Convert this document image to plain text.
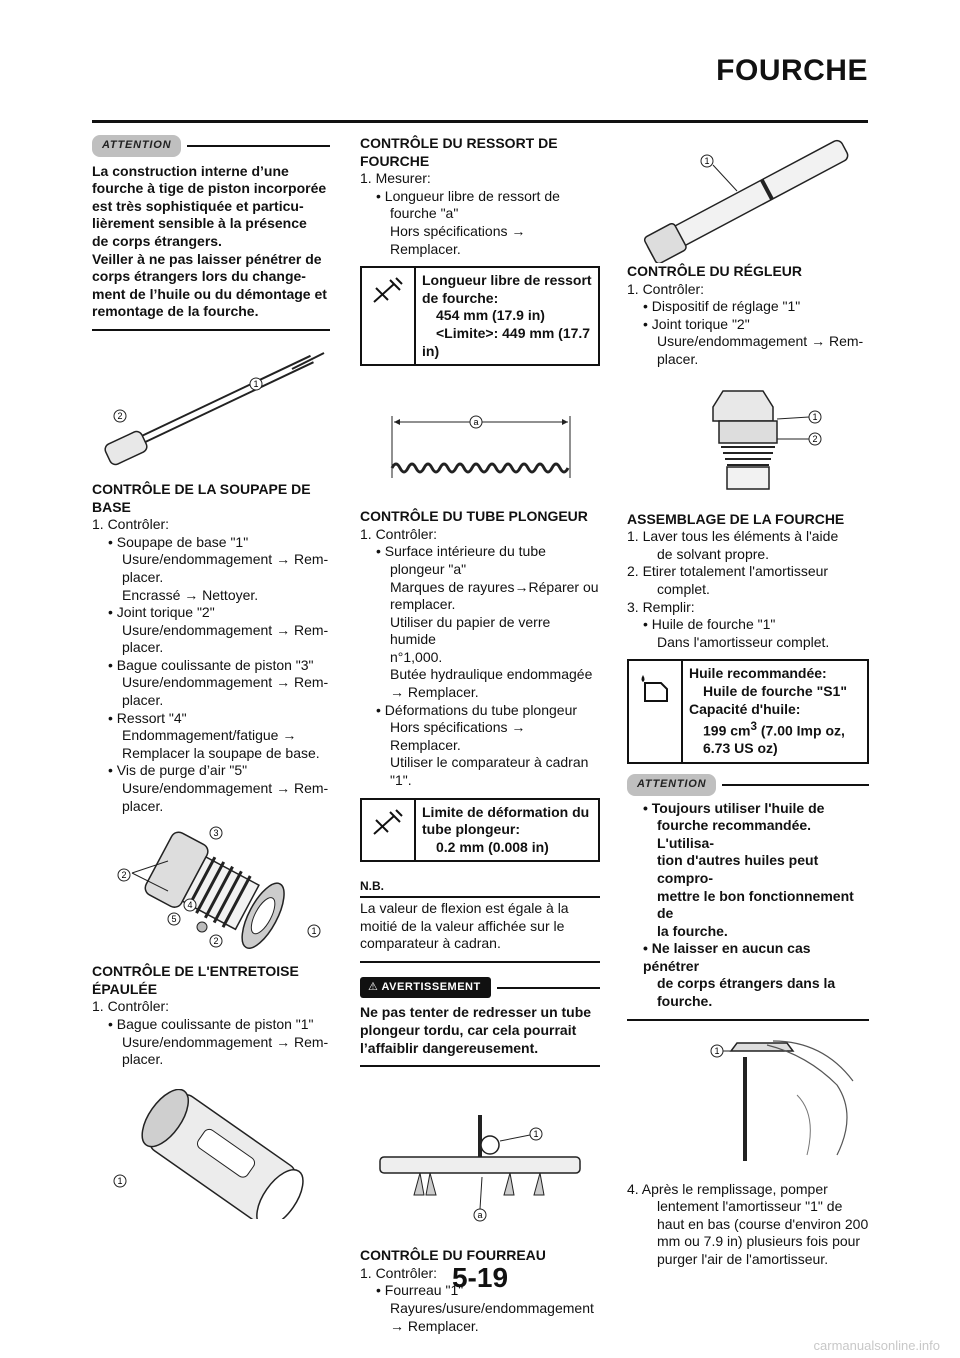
FOURCHE
ATTENTION
La construction interne d’une
fourche à tige de piston incorporée
est très sophistiquée et particu-
lièrement sensible à la présence
de corps étrangers.
Veiller à ne pas laisser pénétrer de
corps étrangers lors du change-
ment de l’huile ou du démontage et
remontage de la fourche.
1
2
CONTRÔLE DE LA SOUPAPE DE
BASE
1. Contrôler:
• Soupape de base "1"
Usure/endommagement → Rem-
placer.
Encrassé → Nettoyer.
• Joint torique "2"
Usure/endommagement → Rem-
placer.
• Bague coulissante de piston "3"
Usure/endommagement → Rem-
placer.
• Ressort "4"
Endommagement/fatigue →
Remplacer la soupape de base.
• Vis de purge d’air "5"
Usure/endommagement → Rem-
placer.
2
3
4
5
2
1
CONTRÔLE DE L'ENTRETOISE
ÉPAULÉE
1. Contrôler:
• Bague coulissante de piston "1"
Usure/endommagement → Rem-
placer.
1
CONTRÔLE DU RESSORT DE
FOURCHE
1. Mesurer:
• Longueur libre de ressort de
fourche "a"
Hors spécifications → Remplacer.
Longueur libre de ressort
de fourche:
454 mm (17.9 in)
<Limite>: 449 mm (17.7
in)
a
CONTRÔLE DU TUBE PLONGEUR
1. Contrôler:
• Surface intérieure du tube
plongeur "a"
Marques de rayures→Réparer ou
remplacer.
Utiliser du papier de verre humide
n°1,000.
Butée hydraulique endommagée
→ Remplacer.
• Déformations du tube plongeur
Hors spécifications → Remplacer.
Utiliser le comparateur à cadran
"1".
Limite de déformation du
tube plongeur:
0.2 mm (0.008 in)
N.B.
La valeur de flexion est égale à la
moitié de la valeur affichée sur le
comparateur à cadran.
⚠ AVERTISSEMENT
Ne pas tenter de redresser un tube
plongeur tordu, car cela pourrait
l’affaiblir dangereusement.
a
1
CONTRÔLE DU FOURREAU
1. Contrôler:
• Fourreau "1"
Rayures/usure/endommagement
→ Remplacer.
1
CONTRÔLE DU RÉGLEUR
1. Contrôler:
• Dispositif de réglage "1"
• Joint torique "2"
Usure/endommagement → Rem-
placer.
1
2
ASSEMBLAGE DE LA FOURCHE
1. Laver tous les éléments à l'aide
de solvant propre.
2. Etirer totalement l'amortisseur
complet.
3. Remplir:
• Huile de fourche "1"
Dans l'amortisseur complet.
Huile recommandée:
Huile de fourche "S1"
Capacité d'huile:
199 $cm^3$ (7.00 Imp oz,
6.73 US oz)
ATTENTION
• Toujours utiliser l'huile de
fourche recommandée. L'utilisa-
tion d'autres huiles peut compro-
mettre le bon fonctionnement de
la fourche.
• Ne laisser en aucun cas pénétrer
de corps étrangers dans la
fourche.
1
4. Après le remplissage, pomper
lentement l'amortisseur "1" de
haut en bas (course d'environ 200
mm ou 7.9 in) plusieurs fois pour
purger l'air de l'amortisseur.
5-19
carmanualsonline.info
